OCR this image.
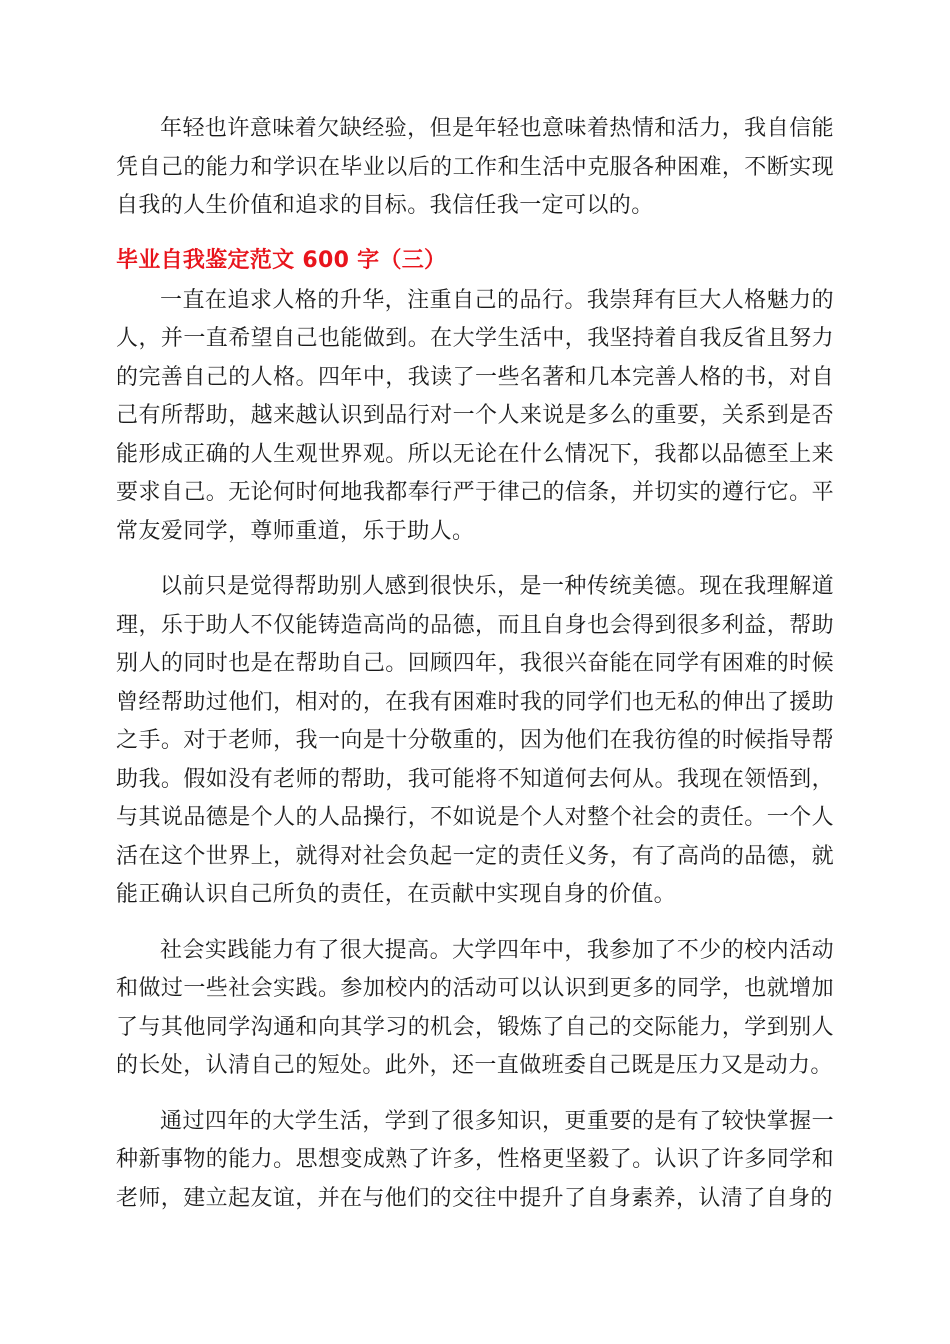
年轻也许意味着欠缺经验，但是年轻也意味着热情和活力，我自信能凭自己的能力和学识在毕业以后的工作和生活中克服各种困难，不断实现自我的人生价值和追求的目标。我信任我一定可以的。

毕业自我鉴定范文 600 字（三）

一直在追求人格的升华，注重自己的品行。我崇拜有巨大人格魅力的人，并一直希望自己也能做到。在大学生活中，我坚持着自我反省且努力的完善自己的人格。四年中，我读了一些名著和几本完善人格的书，对自己有所帮助，越来越认识到品行对一个人来说是多么的重要，关系到是否能形成正确的人生观世界观。所以无论在什么情况下，我都以品德至上来要求自己。无论何时何地我都奉行严于律己的信条，并切实的遵行它。平常友爱同学，尊师重道，乐于助人。

以前只是觉得帮助别人感到很快乐，是一种传统美德。现在我理解道理，乐于助人不仅能铸造高尚的品德，而且自身也会得到很多利益，帮助别人的同时也是在帮助自己。回顾四年，我很兴奋能在同学有困难的时候曾经帮助过他们，相对的，在我有困难时我的同学们也无私的伸出了援助之手。对于老师，我一向是十分敬重的，因为他们在我彷徨的时候指导帮助我。假如没有老师的帮助，我可能将不知道何去何从。我现在领悟到，与其说品德是个人的人品操行，不如说是个人对整个社会的责任。一个人活在这个世界上，就得对社会负起一定的责任义务，有了高尚的品德，就能正确认识自己所负的责任，在贡献中实现自身的价值。

社会实践能力有了很大提高。大学四年中，我参加了不少的校内活动和做过一些社会实践。参加校内的活动可以认识到更多的同学，也就增加了与其他同学沟通和向其学习的机会，锻炼了自己的交际能力，学到别人的长处，认清自己的短处。此外，还一直做班委自己既是压力又是动力。

通过四年的大学生活，学到了很多知识，更重要的是有了较快掌握一种新事物的能力。思想变成熟了许多，性格更坚毅了。认识了许多同学和老师，建立起友谊，并在与他们的交往中提升了自身素养，认清了自身的
